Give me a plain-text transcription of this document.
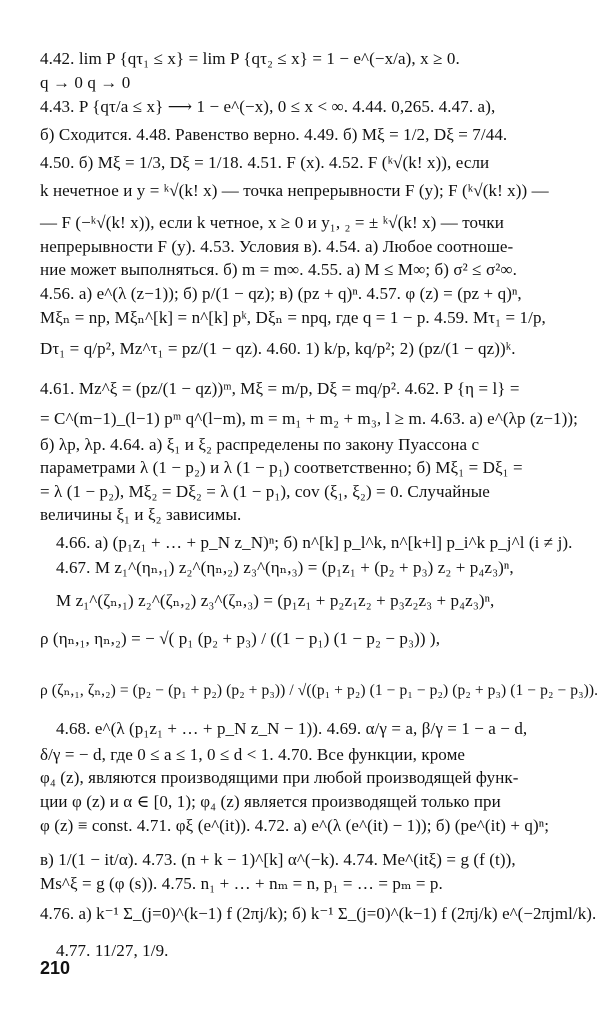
4.42. lim P {qτ₁ ≤ x} = lim P {qτ₂ ≤ x} = 1 − e^(−x/a), x ≥ 0.
q → 0 q → 0
4.43. P {qτ/a ≤ x} ⟶ 1 − e^(−x), 0 ≤ x < ∞. 4.44. 0,265. 4.47. а),
б) Сходится. 4.48. Равенство верно. 4.49. б) Mξ = 1/2, Dξ = 7/44.
4.50. б) Mξ = 1/3, Dξ = 1/18. 4.51. F (x). 4.52. F (ᵏ√(k! x)), если
k нечетное и y = ᵏ√(k! x) — точка непрерывности F (y); F (ᵏ√(k! x)) —
— F (−ᵏ√(k! x)), если k четное, x ≥ 0 и y₁, ₂ = ± ᵏ√(k! x) — точки
непрерывности F (y). 4.53. Условия в). 4.54. а) Любое соотноше-
ние может выполняться. б) m = m∞. 4.55. а) M ≤ M∞; б) σ² ≤ σ²∞.
4.56. а) e^(λ (z−1)); б) p/(1 − qz); в) (pz + q)ⁿ. 4.57. φ (z) = (pz + q)ⁿ,
Mξₙ = np, Mξₙ^[k] = n^[k] pᵏ, Dξₙ = npq, где q = 1 − p. 4.59. Mτ₁ = 1/p,
Dτ₁ = q/p², Mz^τ₁ = pz/(1 − qz). 4.60. 1) k/p, kq/p²; 2) (pz/(1 − qz))ᵏ.
4.61. Mz^ξ = (pz/(1 − qz))ᵐ, Mξ = m/p, Dξ = mq/p². 4.62. P {η = l} =
= C^(m−1)_(l−1) pᵐ q^(l−m), m = m₁ + m₂ + m₃, l ≥ m. 4.63. а) e^(λp (z−1));
б) λp, λp. 4.64. а) ξ₁ и ξ₂ распределены по закону Пуассона с
параметрами λ (1 − p₂) и λ (1 − p₁) соответственно; б) Mξ₁ = Dξ₁ =
= λ (1 − p₂), Mξ₂ = Dξ₂ = λ (1 − p₁), cov (ξ₁, ξ₂) = 0. Случайные
величины ξ₁ и ξ₂ зависимы.
4.66. а) (p₁z₁ + … + p_N z_N)ⁿ; б) n^[k] p_l^k, n^[k+l] p_i^k p_j^l (i ≠ j).
4.67. M z₁^(ηₙ,₁) z₂^(ηₙ,₂) z₃^(ηₙ,₃) = (p₁z₁ + (p₂ + p₃) z₂ + p₄z₃)ⁿ,
M z₁^(ζₙ,₁) z₂^(ζₙ,₂) z₃^(ζₙ,₃) = (p₁z₁ + p₂z₁z₂ + p₃z₂z₃ + p₄z₃)ⁿ,
ρ (ηₙ,₁, ηₙ,₂) = − √( p₁ (p₂ + p₃) / ((1 − p₁) (1 − p₂ − p₃)) ),
ρ (ζₙ,₁, ζₙ,₂) = (p₂ − (p₁ + p₂) (p₂ + p₃)) / √((p₁ + p₂) (1 − p₁ − p₂) (p₂ + p₃) (1 − p₂ − p₃)).
4.68. e^(λ (p₁z₁ + … + p_N z_N − 1)). 4.69. α/γ = a, β/γ = 1 − a − d,
δ/γ = − d, где 0 ≤ a ≤ 1, 0 ≤ d < 1. 4.70. Все функции, кроме
φ₄ (z), являются производящими при любой производящей функ-
ции φ (z) и α ∈ [0, 1); φ₄ (z) является производящей только при
φ (z) ≡ const. 4.71. φξ (e^(it)). 4.72. а) e^(λ (e^(it) − 1)); б) (pe^(it) + q)ⁿ;
в) 1/(1 − it/α). 4.73. (n + k − 1)^[k] α^(−k). 4.74. Me^(itξ) = g (f (t)),
Ms^ξ = g (φ (s)). 4.75. n₁ + … + nₘ = n, p₁ = … = pₘ = p.
4.76. а) k⁻¹ Σ_(j=0)^(k−1) f (2πj/k); б) k⁻¹ Σ_(j=0)^(k−1) f (2πj/k) e^(−2πjml/k).
4.77. 11/27, 1/9.
210
